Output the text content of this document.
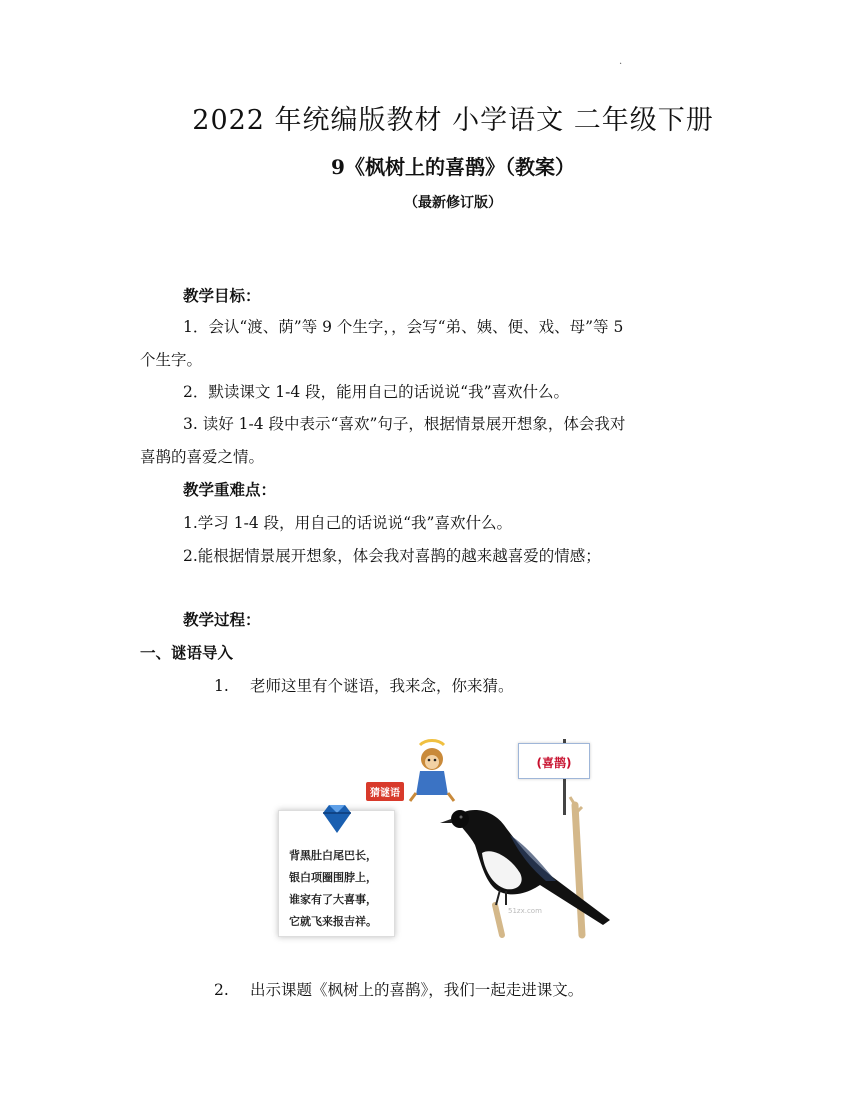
.
2022 年统编版教材 小学语文 二年级下册
9《枫树上的喜鹊》（教案）
（最新修订版）
教学目标：
1．会认“渡、荫”等 9 个生字，，会写“弟、姨、便、戏、母”等 5
个生字。
2．默读课文 1-4 段，能用自己的话说说“我”喜欢什么。
3. 读好 1-4 段中表示“喜欢”句子，根据情景展开想象，体会我对
喜鹊的喜爱之情。
教学重难点：
1.学习 1-4 段，用自己的话说说“我”喜欢什么。
2.能根据情景展开想象，体会我对喜鹊的越来越喜爱的情感；
教学过程：
一、谜语导入
1. 老师这里有个谜语，我来念，你来猜。
(喜鹊)
猜谜语
背黑肚白尾巴长，
银白项圈围脖上，
谁家有了大喜事，
它就飞来报吉祥。
51zx.com
2. 出示课题《枫树上的喜鹊》，我们一起走进课文。
